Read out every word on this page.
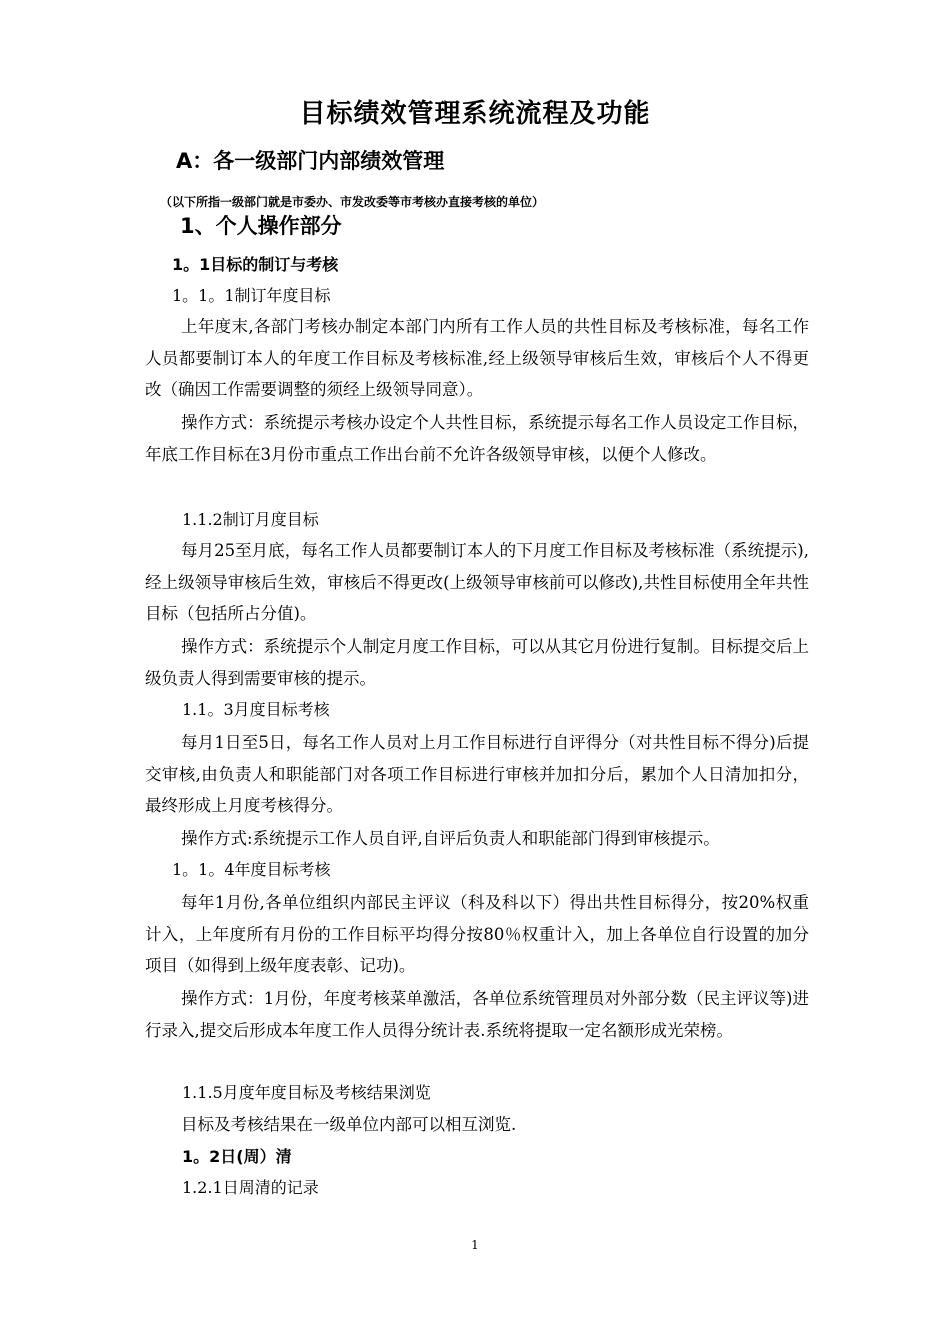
目标绩效管理系统流程及功能
A：各一级部门内部绩效管理
（以下所指一级部门就是市委办、市发改委等市考核办直接考核的单位）
1、个人操作部分
1。1目标的制订与考核
1。1。1制订年度目标

上年度末,各部门考核办制定本部门内所有工作人员的共性目标及考核标准，每名工作人员都要制订本人的年度工作目标及考核标准,经上级领导审核后生效，审核后个人不得更改（确因工作需要调整的须经上级领导同意）。

操作方式：系统提示考核办设定个人共性目标，系统提示每名工作人员设定工作目标，年底工作目标在3月份市重点工作出台前不允许各级领导审核，以便个人修改。

1.1.2制订月度目标

每月25至月底，每名工作人员都要制订本人的下月度工作目标及考核标准（系统提示),经上级领导审核后生效，审核后不得更改(上级领导审核前可以修改),共性目标使用全年共性目标（包括所占分值)。

操作方式：系统提示个人制定月度工作目标，可以从其它月份进行复制。目标提交后上级负责人得到需要审核的提示。

1.1。3月度目标考核

每月1日至5日，每名工作人员对上月工作目标进行自评得分（对共性目标不得分)后提交审核,由负责人和职能部门对各项工作目标进行审核并加扣分后，累加个人日清加扣分，最终形成上月度考核得分。

操作方式:系统提示工作人员自评,自评后负责人和职能部门得到审核提示。

1。1。4年度目标考核

每年1月份,各单位组织内部民主评议（科及科以下）得出共性目标得分，按20%权重计入，上年度所有月份的工作目标平均得分按80％权重计入，加上各单位自行设置的加分项目（如得到上级年度表彰、记功)。

操作方式：1月份，年度考核菜单激活，各单位系统管理员对外部分数（民主评议等)进行录入,提交后形成本年度工作人员得分统计表.系统将提取一定名额形成光荣榜。

1.1.5月度年度目标及考核结果浏览

目标及考核结果在一级单位内部可以相互浏览.

1。2日(周）清
1.2.1日周清的记录
1
